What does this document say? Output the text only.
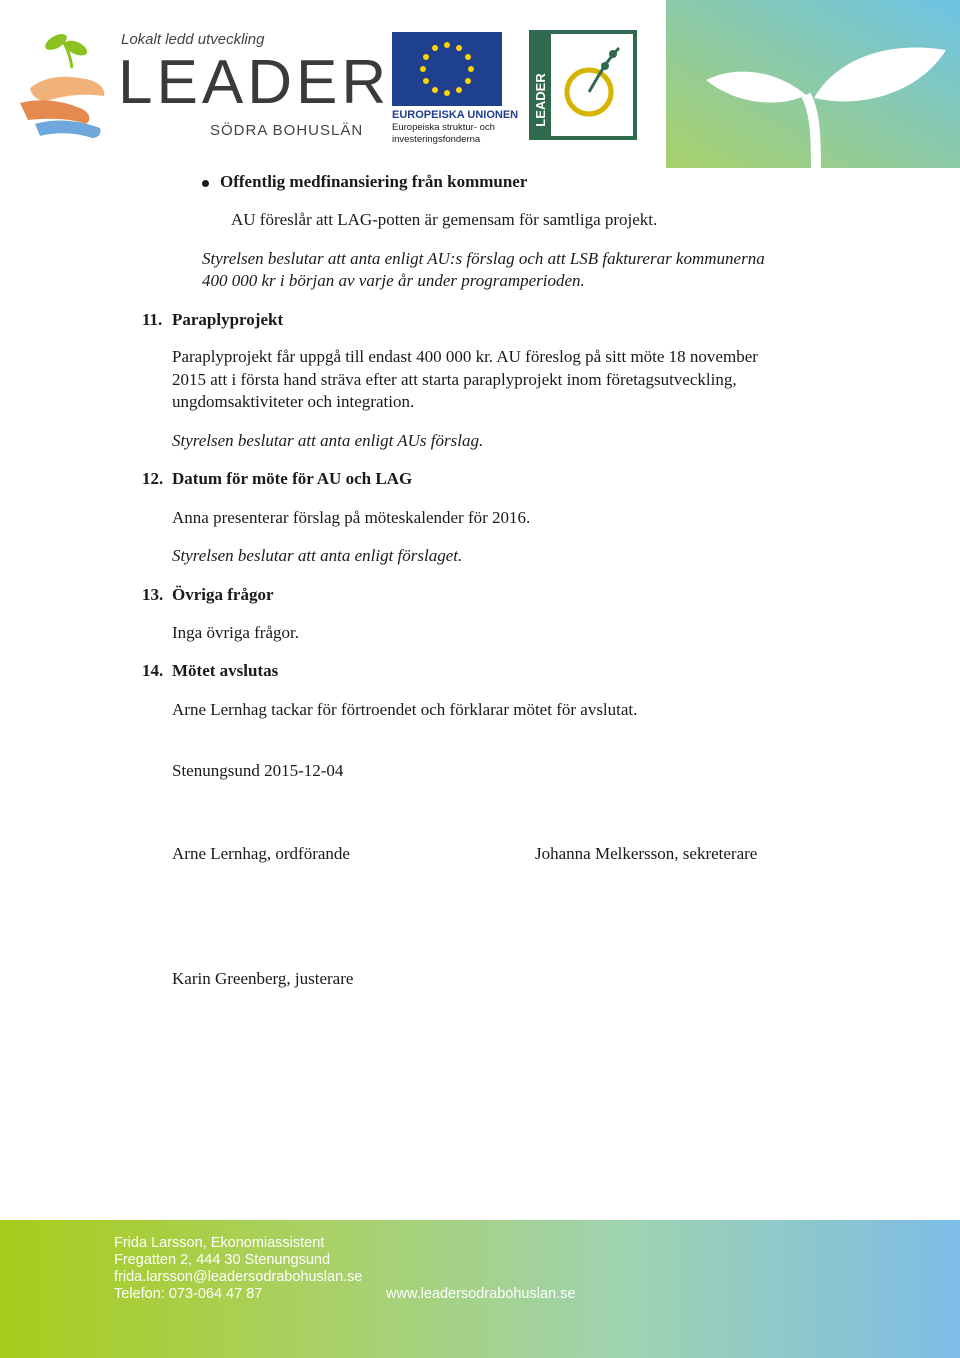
Lokalt ledd utveckling
LEADER
SÖDRA BOHUSLÄN
EUROPEISKA UNIONEN
Europeiska struktur- och
investeringsfonderna
LEADER
Offentlig medfinansiering från kommuner
AU föreslår att LAG-potten är gemensam för samtliga projekt.
Styrelsen beslutar att anta enligt AU:s förslag och att LSB fakturerar kommunerna
400 000 kr i början av varje år under programperioden.
11. Paraplyprojekt
Paraplyprojekt får uppgå till endast 400 000 kr. AU föreslog på sitt möte 18 november
2015 att i första hand sträva efter att starta paraplyprojekt inom företagsutveckling,
ungdomsaktiviteter och integration.
Styrelsen beslutar att anta enligt AUs förslag.
12. Datum för möte för AU och LAG
Anna presenterar förslag på möteskalender för 2016.
Styrelsen beslutar att anta enligt förslaget.
13. Övriga frågor
Inga övriga frågor.
14. Mötet avslutas
Arne Lernhag tackar för förtroendet och förklarar mötet för avslutat.
Stenungsund 2015-12-04
Arne Lernhag, ordförande	Johanna Melkersson, sekreterare
Karin Greenberg, justerare
Frida Larsson, Ekonomiassistent
Fregatten 2, 444 30 Stenungsund
frida.larsson@leadersodrabohuslan.se
Telefon: 073-064 47 87	www.leadersodrabohuslan.se
